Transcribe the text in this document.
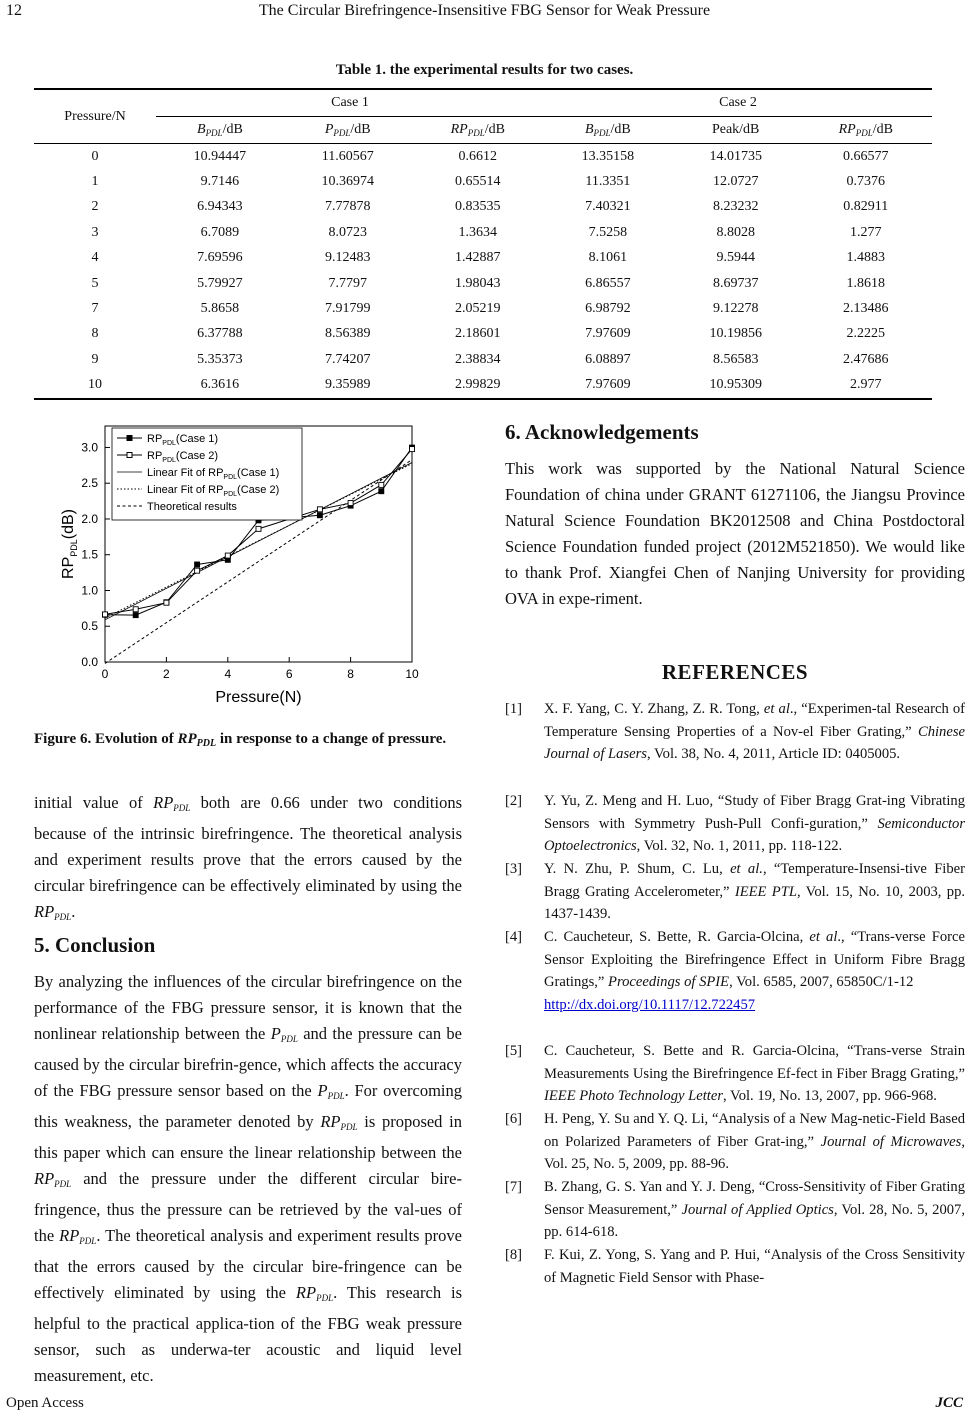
12	The Circular Birefringence-Insensitive FBG Sensor for Weak Pressure
Table 1. the experimental results for two cases.
Pressure/N	Case 1			Case 2		
	$B_{PDL}/dB$	$P_{PDL}/dB$	$RP_{PDL}/dB$	$B_{PDL}/dB$	Peak/dB	$RP_{PDL}/dB$
0	10.94447	11.60567	0.6612	13.35158	14.01735	0.66577
1	9.7146	10.36974	0.65514	11.3351	12.0727	0.7376
2	6.94343	7.77878	0.83535	7.40321	8.23232	0.82911
3	6.7089	8.0723	1.3634	7.5258	8.8028	1.277
4	7.69596	9.12483	1.42887	8.1061	9.5944	1.4883
5	5.79927	7.7797	1.98043	6.86557	8.69737	1.8618
7	5.8658	7.91799	2.05219	6.98792	9.12278	2.13486
8	6.37788	8.56389	2.18601	7.97609	10.19856	2.2225
9	5.35373	7.74207	2.38834	6.08897	8.56583	2.47686
10	6.3616	9.35989	2.99829	7.97609	10.95309	2.977
0	2	4	6	8	10
0.0
0.5
1.0
1.5
2.0
2.5
3.0
Pressure(N)
$RP_{PDL}(dB)$
$RP_{PDL}(Case$ 1)
$RP_{PDL}(Case$ 2)
Linear Fit of $RP_{PDL}(Case$ 1)
Linear Fit of $RP_{PDL}(Case$ 2)
Theoretical results
Figure 6. Evolution of $RP_{PDL}$ in response to a change of pressure.
initial value of $RP_{PDL}$ both are 0.66 under two conditions because of the intrinsic birefringence. The theoretical analysis and experiment results prove that the errors caused by the circular birefringence can be effectively eliminated by using the $RP_{PDL}$.
5. Conclusion
By analyzing the influences of the circular birefringence on the performance of the FBG pressure sensor, it is known that the nonlinear relationship between the $P_{PDL}$ and the pressure can be caused by the circular birefrin-gence, which affects the accuracy of the FBG pressure sensor based on the $P_{PDL}$. For overcoming this weakness, the parameter denoted by $RP_{PDL}$ is proposed in this paper which can ensure the linear relationship between the $RP_{PDL}$ and the pressure under the different circular bire-fringence, thus the pressure can be retrieved by the val-ues of the $RP_{PDL}$. The theoretical analysis and experiment results prove that the errors caused by the circular bire-fringence can be effectively eliminated by using the $RP_{PDL}$. This research is helpful to the practical applica-tion of the FBG weak pressure sensor, such as underwa-ter acoustic and liquid level measurement, etc.
6. Acknowledgements
This work was supported by the National Natural Science Foundation of china under GRANT 61271106, the Jiangsu Province Natural Science Foundation BK2012508 and China Postdoctoral Science Foundation funded project (2012M521850). We would like to thank Prof. Xiangfei Chen of Nanjing University for providing OVA in expe-riment.
REFERENCES
[1] X. F. Yang, C. Y. Zhang, Z. R. Tong, et al., “Experimen-tal Research of Temperature Sensing Properties of a Nov-el Fiber Grating,” Chinese Journal of Lasers, Vol. 38, No. 4, 2011, Article ID: 0405005.
[2] Y. Yu, Z. Meng and H. Luo, “Study of Fiber Bragg Grat-ing Vibrating Sensors with Symmetry Push-Pull Confi-guration,” Semiconductor Optoelectronics, Vol. 32, No. 1, 2011, pp. 118-122.
[3] Y. N. Zhu, P. Shum, C. Lu, et al., “Temperature-Insensi-tive Fiber Bragg Grating Accelerometer,” IEEE PTL, Vol. 15, No. 10, 2003, pp. 1437-1439.
[4] C. Caucheteur, S. Bette, R. Garcia-Olcina, et al., “Trans-verse Force Sensor Exploiting the Birefringence Effect in Uniform Fibre Bragg Gratings,” Proceedings of SPIE, Vol. 6585, 2007, 65850C/1-12
http://dx.doi.org/10.1117/12.722457
[5] C. Caucheteur, S. Bette and R. Garcia-Olcina, “Trans-verse Strain Measurements Using the Birefringence Ef-fect in Fiber Bragg Grating,” IEEE Photo Technology Letter, Vol. 19, No. 13, 2007, pp. 966-968.
[6] H. Peng, Y. Su and Y. Q. Li, “Analysis of a New Mag-netic-Field Based on Polarized Parameters of Fiber Grat-ing,” Journal of Microwaves, Vol. 25, No. 5, 2009, pp. 88-96.
[7] B. Zhang, G. S. Yan and Y. J. Deng, “Cross-Sensitivity of Fiber Grating Sensor Measurement,” Journal of Applied Optics, Vol. 28, No. 5, 2007, pp. 614-618.
[8] F. Kui, Z. Yong, S. Yang and P. Hui, “Analysis of the Cross Sensitivity of Magnetic Field Sensor with Phase-
Open Access	JCC
